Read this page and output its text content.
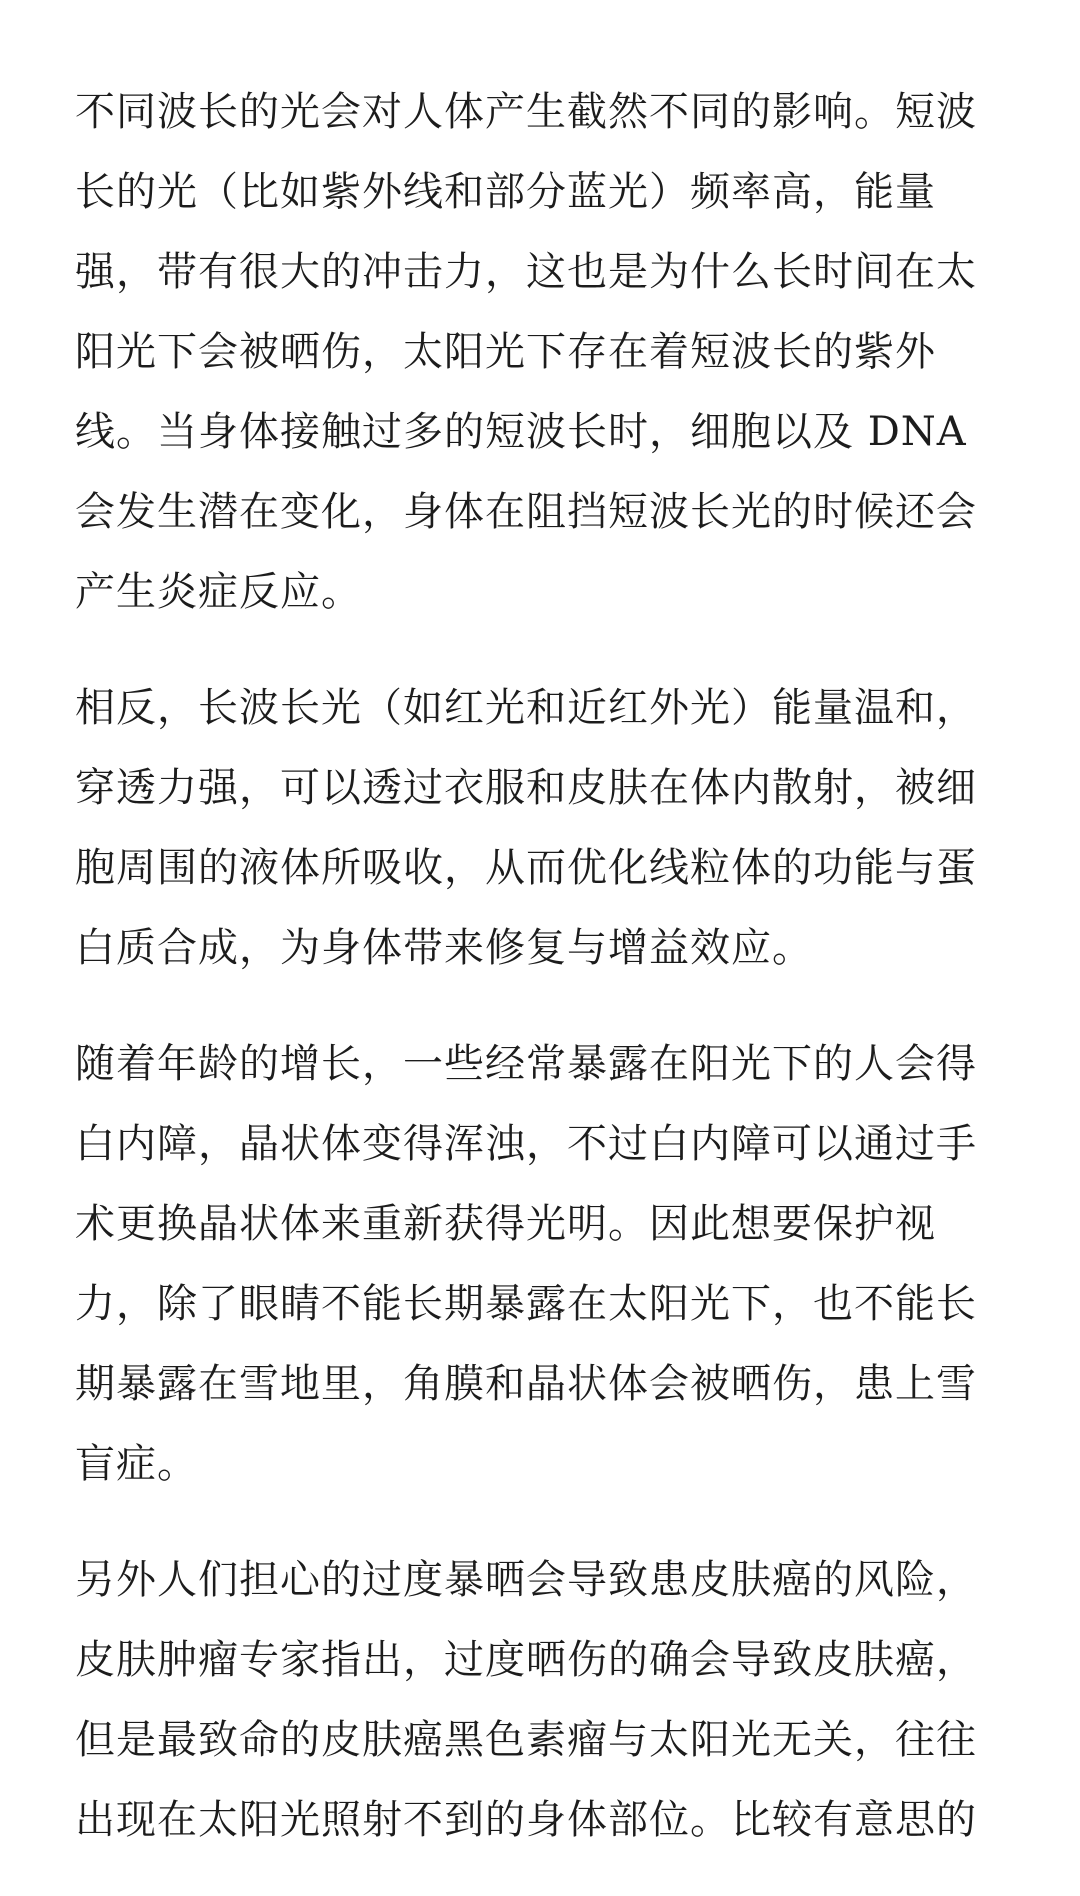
不同波长的光会对人体产生截然不同的影响。短波长的光（比如紫外线和部分蓝光）频率高，能量强，带有很大的冲击力，这也是为什么长时间在太阳光下会被晒伤，太阳光下存在着短波长的紫外线。当身体接触过多的短波长时，细胞以及 DNA 会发生潜在变化，身体在阻挡短波长光的时候还会产生炎症反应。

相反，长波长光（如红光和近红外光）能量温和，穿透力强，可以透过衣服和皮肤在体内散射，被细胞周围的液体所吸收，从而优化线粒体的功能与蛋白质合成，为身体带来修复与增益效应。

随着年龄的增长，一些经常暴露在阳光下的人会得白内障，晶状体变得浑浊，不过白内障可以通过手术更换晶状体来重新获得光明。因此想要保护视力，除了眼睛不能长期暴露在太阳光下，也不能长期暴露在雪地里，角膜和晶状体会被晒伤，患上雪盲症。

另外人们担心的过度暴晒会导致患皮肤癌的风险，皮肤肿瘤专家指出，过度晒伤的确会导致皮肤癌，但是最致命的皮肤癌黑色素瘤与太阳光无关，往往出现在太阳光照射不到的身体部位。比较有意思的
